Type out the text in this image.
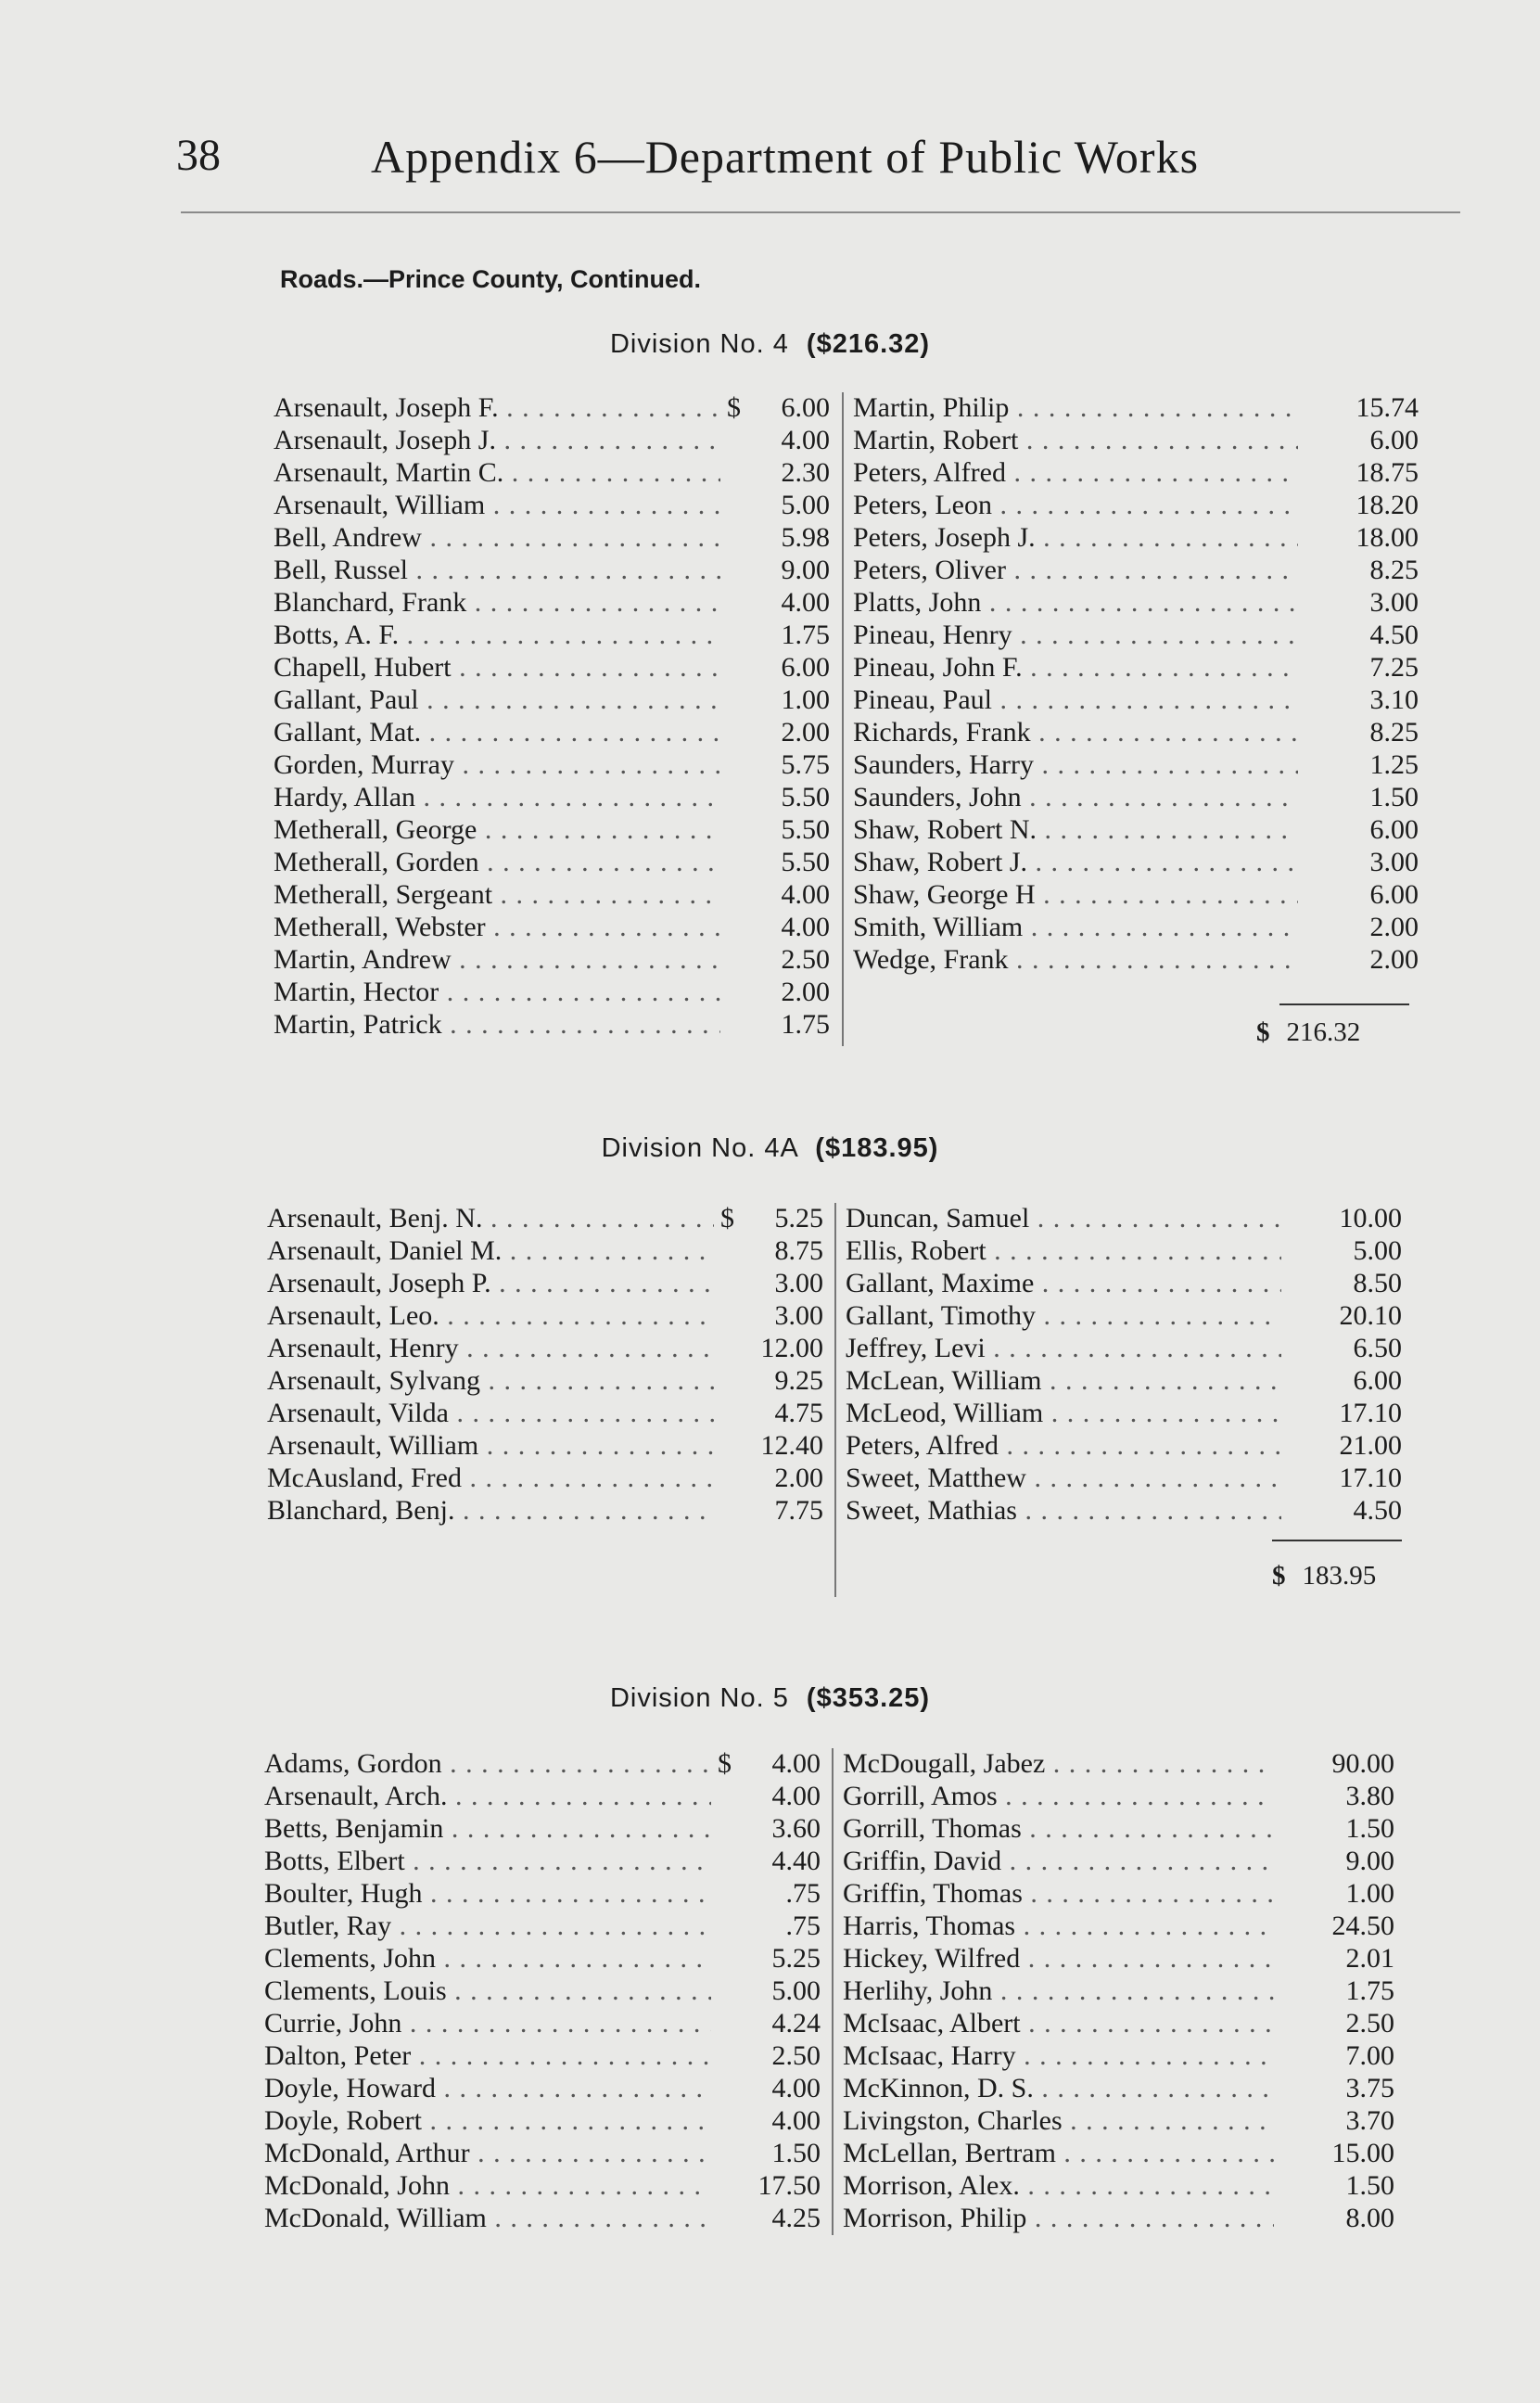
38	Appendix 6—Department of Public Works
Roads.—Prince County, Continued.
Division No. 4 ($216.32)
Arsenault, Joseph F. . . .	$	6.00
Arsenault, Joseph J. . . .	4.00
Arsenault, Martin C. . . .	2.30
Arsenault, William . . .	5.00
Bell, Andrew . . .	5.98
Bell, Russel . . .	9.00
Blanchard, Frank . . .	4.00
Botts, A. F. . . .	1.75
Chapell, Hubert . . .	6.00
Gallant, Paul . . .	1.00
Gallant, Mat. . . .	2.00
Gorden, Murray . . .	5.75
Hardy, Allan . . .	5.50
Metherall, George . . .	5.50
Metherall, Gorden . . .	5.50
Metherall, Sergeant . . .	4.00
Metherall, Webster . . .	4.00
Martin, Andrew . . .	2.50
Martin, Hector . . .	2.00
Martin, Patrick . . .	1.75
Martin, Philip . . .	15.74
Martin, Robert . . .	6.00
Peters, Alfred . . .	18.75
Peters, Leon . . .	18.20
Peters, Joseph J. . . .	18.00
Peters, Oliver . . .	8.25
Platts, John . . .	3.00
Pineau, Henry . . .	4.50
Pineau, John F. . . .	7.25
Pineau, Paul . . .	3.10
Richards, Frank . . .	8.25
Saunders, Harry . . .	1.25
Saunders, John . . .	1.50
Shaw, Robert N. . . .	6.00
Shaw, Robert J. . . .	3.00
Shaw, George H . . .	6.00
Smith, William . . .	2.00
Wedge, Frank . . .	2.00
$ 216.32
Division No. 4A ($183.95)
Arsenault, Benj. N. . . .	$	5.25
Arsenault, Daniel M. . . .	8.75
Arsenault, Joseph P. . . .	3.00
Arsenault, Leo. . . .	3.00
Arsenault, Henry . . .	12.00
Arsenault, Sylvang . . .	9.25
Arsenault, Vilda . . .	4.75
Arsenault, William . . .	12.40
McAusland, Fred . . .	2.00
Blanchard, Benj. . . .	7.75
Duncan, Samuel . . .	10.00
Ellis, Robert . . .	5.00
Gallant, Maxime . . .	8.50
Gallant, Timothy . . .	20.10
Jeffrey, Levi . . .	6.50
McLean, William . . .	6.00
McLeod, William . . .	17.10
Peters, Alfred . . .	21.00
Sweet, Matthew . . .	17.10
Sweet, Mathias . . .	4.50
$ 183.95
Division No. 5 ($353.25)
Adams, Gordon . . .	$	4.00
Arsenault, Arch. . . .	4.00
Betts, Benjamin . . .	3.60
Botts, Elbert . . .	4.40
Boulter, Hugh . . .	.75
Butler, Ray . . .	.75
Clements, John . . .	5.25
Clements, Louis . . .	5.00
Currie, John . . .	4.24
Dalton, Peter . . .	2.50
Doyle, Howard . . .	4.00
Doyle, Robert . . .	4.00
McDonald, Arthur . . .	1.50
McDonald, John . . .	17.50
McDonald, William . . .	4.25
McDougall, Jabez . . .	90.00
Gorrill, Amos . . .	3.80
Gorrill, Thomas . . .	1.50
Griffin, David . . .	9.00
Griffin, Thomas . . .	1.00
Harris, Thomas . . .	24.50
Hickey, Wilfred . . .	2.01
Herlihy, John . . .	1.75
McIsaac, Albert . . .	2.50
McIsaac, Harry . . .	7.00
McKinnon, D. S. . . .	3.75
Livingston, Charles . . .	3.70
McLellan, Bertram . . .	15.00
Morrison, Alex. . . .	1.50
Morrison, Philip . . .	8.00
